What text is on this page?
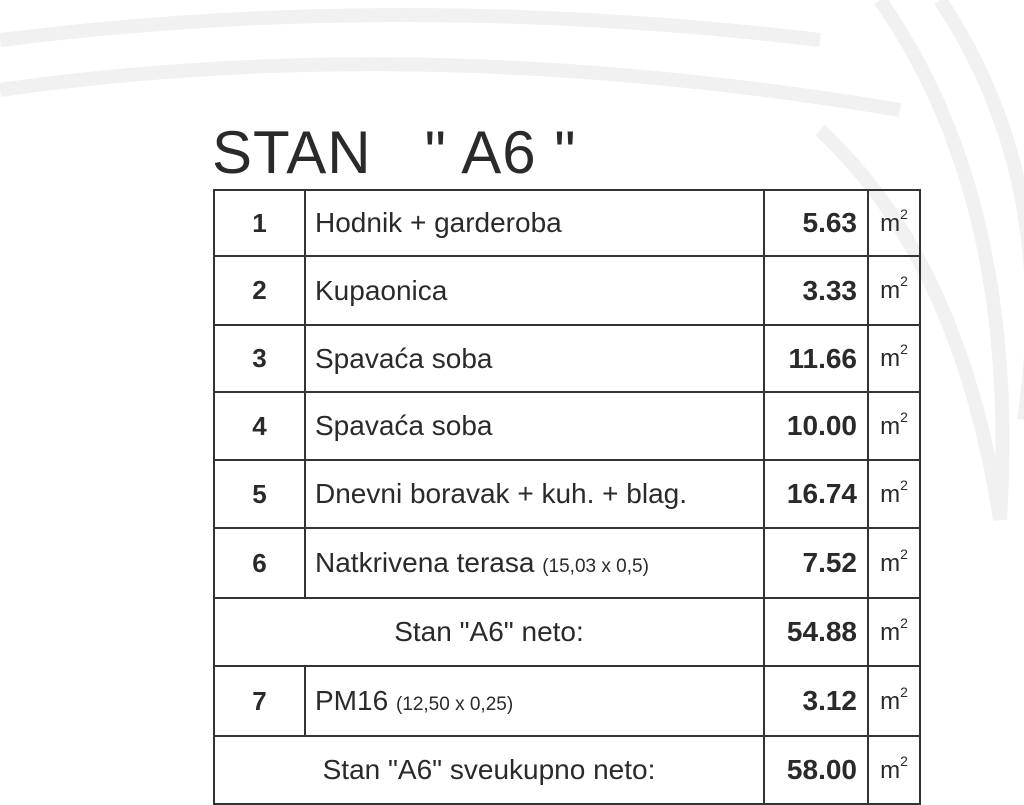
STAN   " A6 "
1	Hodnik + garderoba	5.63	$m^2$
2	Kupaonica	3.33	$m^2$
3	Spavaća soba	11.66	$m^2$
4	Spavaća soba	10.00	$m^2$
5	Dnevni boravak + kuh. + blag.	16.74	$m^2$
6	Natkrivena terasa (15,03 x 0,5)	7.52	$m^2$
Stan "A6" neto:		54.88	$m^2$
7	PM16 (12,50 x 0,25)	3.12	$m^2$
Stan "A6" sveukupno neto:		58.00	$m^2$
